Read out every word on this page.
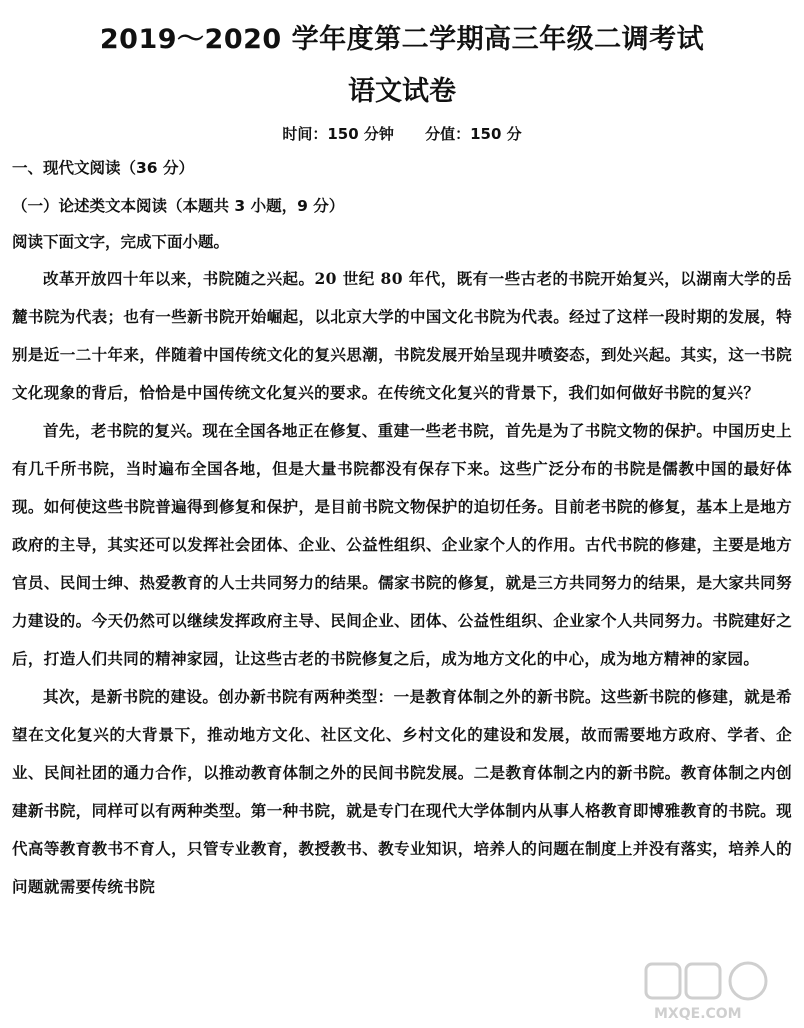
2019～2020 学年度第二学期高三年级二调考试
语文试卷
时间：150 分钟 分值：150 分
一、现代文阅读（36 分）
（一）论述类文本阅读（本题共 3 小题，9 分）
阅读下面文字，完成下面小题。

改革开放四十年以来，书院随之兴起。20 世纪 80 年代，既有一些古老的书院开始复兴，以湖南大学的岳麓书院为代表；也有一些新书院开始崛起，以北京大学的中国文化书院为代表。经过了这样一段时期的发展，特别是近一二十年来，伴随着中国传统文化的复兴思潮，书院发展开始呈现井喷姿态，到处兴起。其实，这一书院文化现象的背后，恰恰是中国传统文化复兴的要求。在传统文化复兴的背景下，我们如何做好书院的复兴？

首先，老书院的复兴。现在全国各地正在修复、重建一些老书院，首先是为了书院文物的保护。中国历史上有几千所书院，当时遍布全国各地，但是大量书院都没有保存下来。这些广泛分布的书院是儒教中国的最好体现。如何使这些书院普遍得到修复和保护，是目前书院文物保护的迫切任务。目前老书院的修复，基本上是地方政府的主导，其实还可以发挥社会团体、企业、公益性组织、企业家个人的作用。古代书院的修建，主要是地方官员、民间士绅、热爱教育的人士共同努力的结果。儒家书院的修复，就是三方共同努力的结果，是大家共同努力建设的。今天仍然可以继续发挥政府主导、民间企业、团体、公益性组织、企业家个人共同努力。书院建好之后，打造人们共同的精神家园，让这些古老的书院修复之后，成为地方文化的中心，成为地方精神的家园。

其次，是新书院的建设。创办新书院有两种类型：一是教育体制之外的新书院。这些新书院的修建，就是希望在文化复兴的大背景下，推动地方文化、社区文化、乡村文化的建设和发展，故而需要地方政府、学者、企业、民间社团的通力合作，以推动教育体制之外的民间书院发展。二是教育体制之内的新书院。教育体制之内创建新书院，同样可以有两种类型。第一种书院，就是专门在现代大学体制内从事人格教育即博雅教育的书院。现代高等教育教书不育人，只管专业教育，教授教书、教专业知识，培养人的问题在制度上并没有落实，培养人的问题就需要传统书院

MXQE.COM
